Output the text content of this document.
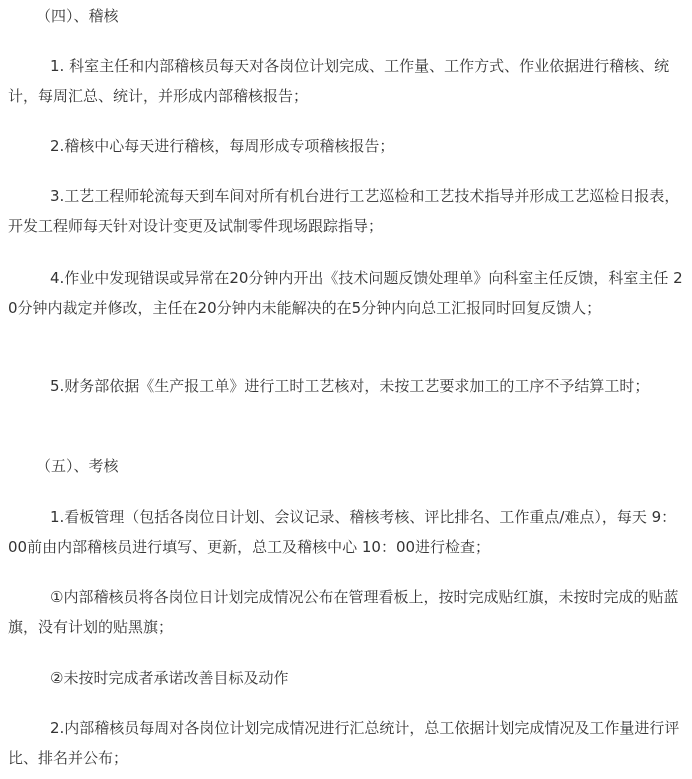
（四）、稽核

1. 科室主任和内部稽核员每天对各岗位计划完成、工作量、工作方式、作业依据进行稽核、统计，每周汇总、统计，并形成内部稽核报告；

2.稽核中心每天进行稽核，每周形成专项稽核报告；

3.工艺工程师轮流每天到车间对所有机台进行工艺巡检和工艺技术指导并形成工艺巡检日报表，开发工程师每天针对设计变更及试制零件现场跟踪指导；

4.作业中发现错误或异常在20分钟内开出《技术问题反馈处理单》向科室主任反馈，科室主任 20分钟内裁定并修改，主任在20分钟内未能解决的在5分钟内向总工汇报同时回复反馈人；

5.财务部依据《生产报工单》进行工时工艺核对，未按工艺要求加工的工序不予结算工时；

（五）、考核

1.看板管理（包括各岗位日计划、会议记录、稽核考核、评比排名、工作重点/难点），每天 9：00前由内部稽核员进行填写、更新，总工及稽核中心 10：00进行检查；

①内部稽核员将各岗位日计划完成情况公布在管理看板上，按时完成贴红旗，未按时完成的贴蓝旗，没有计划的贴黑旗；

②未按时完成者承诺改善目标及动作

2.内部稽核员每周对各岗位计划完成情况进行汇总统计，总工依据计划完成情况及工作量进行评比、排名并公布；
